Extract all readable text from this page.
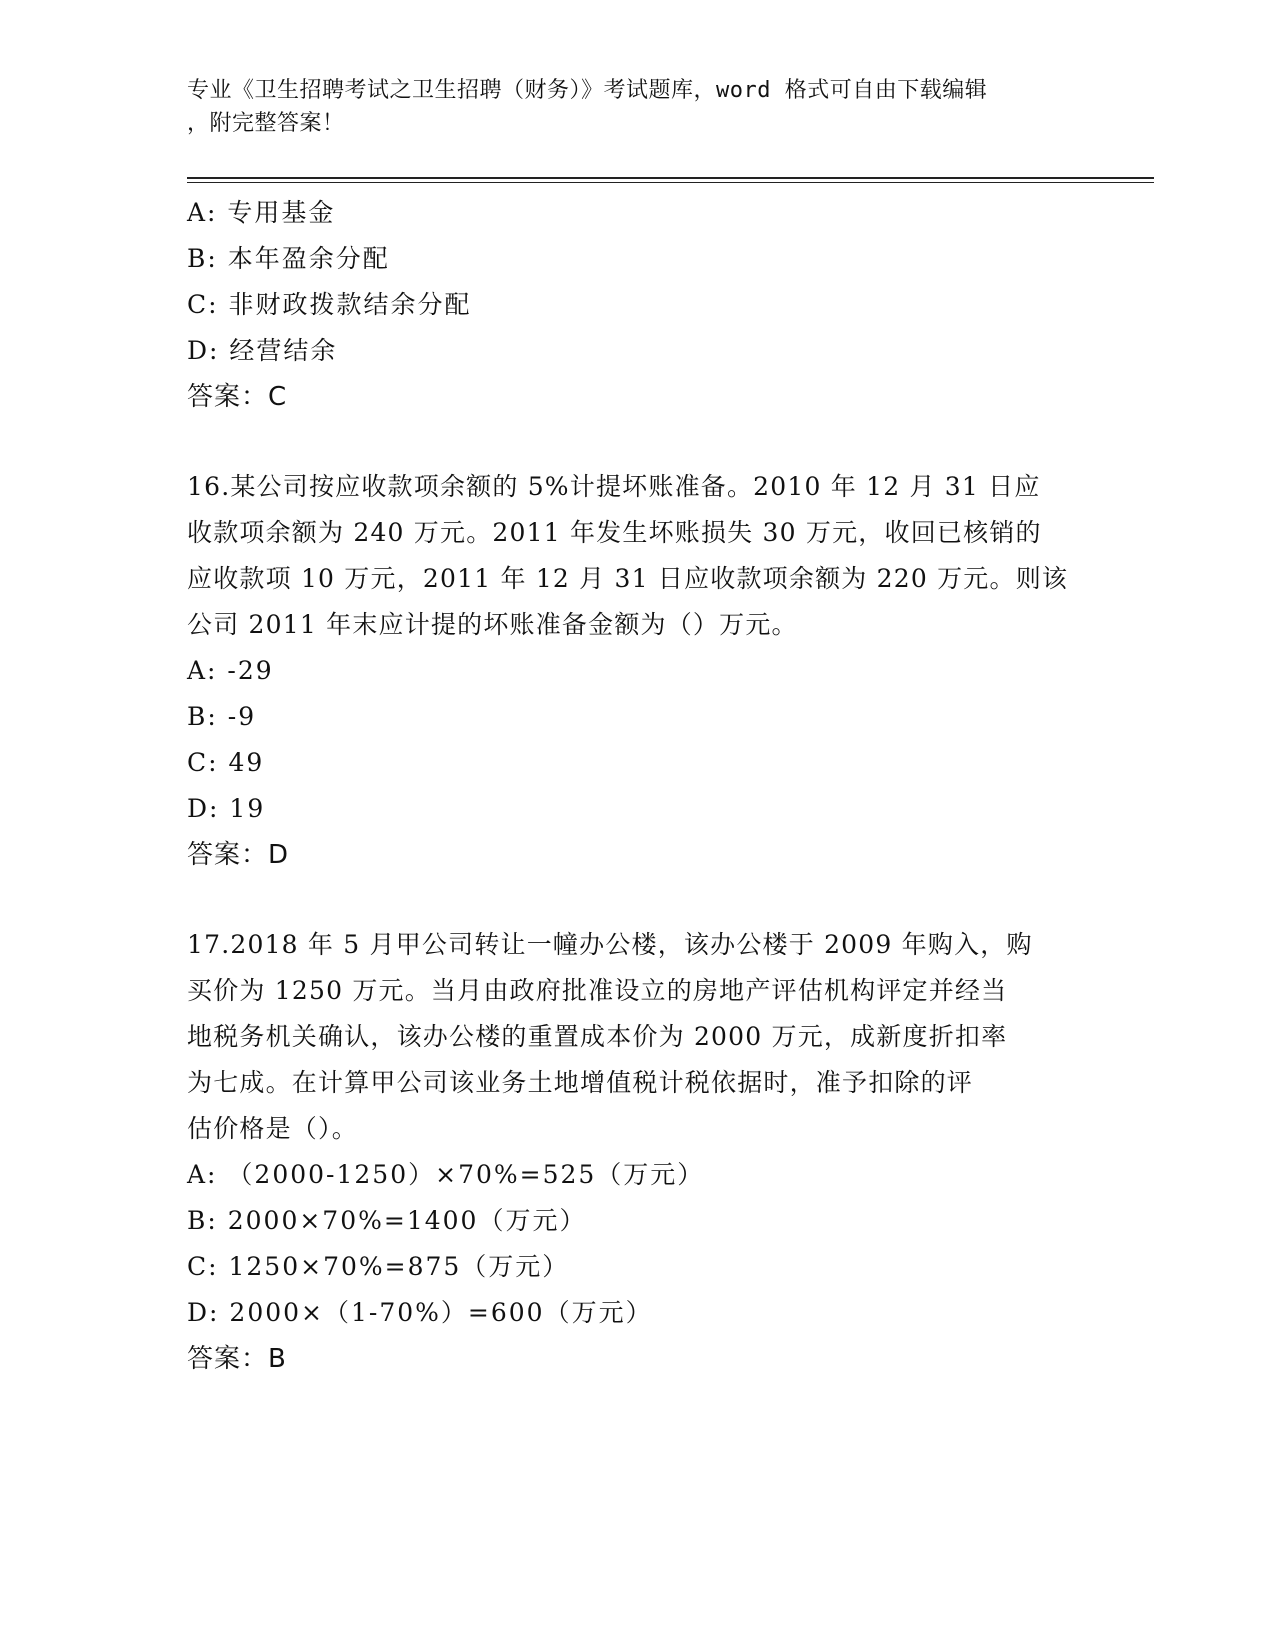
专业《卫生招聘考试之卫生招聘（财务）》考试题库，word 格式可自由下载编辑
，附完整答案！
A: 专用基金
B: 本年盈余分配
C: 非财政拨款结余分配
D: 经营结余
答案：C
16.某公司按应收款项余额的 5%计提坏账准备。2010 年 12 月 31 日应
收款项余额为 240 万元。2011 年发生坏账损失 30 万元，收回已核销的
应收款项 10 万元，2011 年 12 月 31 日应收款项余额为 220 万元。则该
公司 2011 年末应计提的坏账准备金额为（）万元。
A: -29
B: -9
C: 49
D: 19
答案：D
17.2018 年 5 月甲公司转让一幢办公楼，该办公楼于 2009 年购入，购
买价为 1250 万元。当月由政府批准设立的房地产评估机构评定并经当
地税务机关确认，该办公楼的重置成本价为 2000 万元，成新度折扣率
为七成。在计算甲公司该业务土地增值税计税依据时，准予扣除的评
估价格是（）。
A: （2000-1250）×70%=525（万元）
B: 2000×70%=1400（万元）
C: 1250×70%=875（万元）
D: 2000×（1-70%）=600（万元）
答案：B
